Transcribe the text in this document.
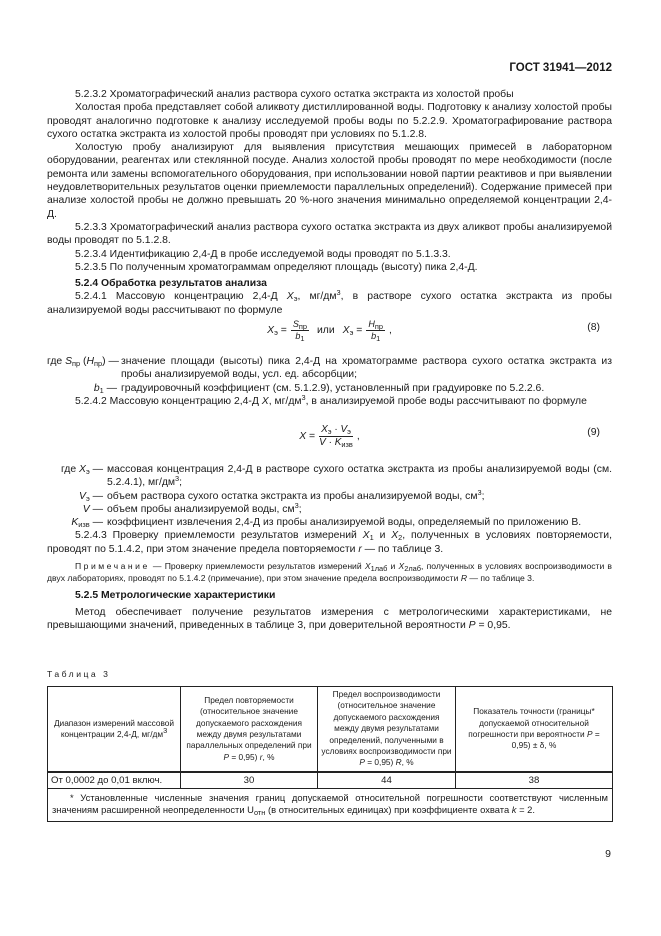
ГОСТ 31941—2012

5.2.3.2 Хроматографический анализ раствора сухого остатка экстракта из холостой пробы

Холостая проба представляет собой аликвоту дистиллированной воды. Подготовку к анализу холостой пробы проводят аналогично подготовке к анализу исследуемой пробы воды по 5.2.2.9. Хроматографирование раствора сухого остатка экстракта из холостой пробы проводят при условиях по 5.1.2.8.

Холостую пробу анализируют для выявления присутствия мешающих примесей в лабораторном оборудовании, реагентах или стеклянной посуде. Анализ холостой пробы проводят по мере необходимости (после ремонта или замены вспомогательного оборудования, при использовании новой партии реактивов и при выявлении неудовлетворительных результатов оценки приемлемости параллельных определений). Содержание примесей при анализе холостой пробы не должно превышать 20 %-ного значения минимально определяемой концентрации 2,4-Д.

5.2.3.3 Хроматографический анализ раствора сухого остатка экстракта из двух аликвот пробы анализируемой воды проводят по 5.1.2.8.

5.2.3.4 Идентификацию 2,4-Д в пробе исследуемой воды проводят по 5.1.3.3.

5.2.3.5 По полученным хроматограммам определяют площадь (высоту) пика 2,4-Д.

5.2.4 Обработка результатов анализа

5.2.4.1 Массовую концентрацию 2,4-Д $X_э$, $мг/дм^3$, в растворе сухого остатка экстракта из пробы анализируемой воды рассчитывают по формуле

$X_э = \frac{S_{пр}}{b_1}$ или $X_э = \frac{H_{пр}}{b_1}$ ,	(8)
где $S_{пр}$ $(H_{пр})$ — значение площади (высоты) пика 2,4-Д на хроматограмме раствора сухого остатка экстракта из пробы анализируемой воды, усл. ед. абсорбции;
$b_1$ — градуировочный коэффициент (см. 5.1.2.9), установленный при градуировке по 5.2.2.6.

5.2.4.2 Массовую концентрацию 2,4-Д X, $мг/дм^3$, в анализируемой пробе воды рассчитывают по формуле

$X = \frac{X_э \cdot V_э}{V \cdot K_{изв}}$ ,	(9)
где $X_э$ — массовая концентрация 2,4-Д в растворе сухого остатка экстракта из пробы анализируемой воды (см. 5.2.4.1), $мг/дм^3$;
$V_э$ — объем раствора сухого остатка экстракта из пробы анализируемой воды, $см^3$;
V — объем пробы анализируемой воды, $см^3$;
$K_{изв}$ — коэффициент извлечения 2,4-Д из пробы анализируемой воды, определяемый по приложению В.

5.2.4.3 Проверку приемлемости результатов измерений $X_1$ и $X_2$, полученных в условиях повторяемости, проводят по 5.1.4.2, при этом значение предела повторяемости r — по таблице 3.

Примечание — Проверку приемлемости результатов измерений $X_{1лаб}$ и $X_{2лаб}$, полученных в условиях воспроизводимости в двух лабораториях, проводят по 5.1.4.2 (примечание), при этом значение предела воспроизводимости R — по таблице 3.

5.2.5 Метрологические характеристики

Метод обеспечивает получение результатов измерения с метрологическими характеристиками, не превышающими значений, приведенных в таблице 3, при доверительной вероятности P = 0,95.

Таблица 3
Диапазон измерений массовой концентрации 2,4-Д, $мг/дм^3$	Предел повторяемости (относительное значение допускаемого расхождения между двумя результатами параллельных определений при P = 0,95) r, %	Предел воспроизводимости (относительное значение допускаемого расхождения между двумя результатами определений, полученными в условиях воспроизводимости при P = 0,95) R, %	Показатель точности (границы* допускаемой относительной погрешности при вероятности P = 0,95) ± δ, %
От 0,0002 до 0,01 включ.	30	44	38
* Установленные численные значения границ допускаемой относительной погрешности соответствуют численным значениям расширенной неопределенности $U_{отн}$ (в относительных единицах) при коэффициенте охвата k = 2.			
9
